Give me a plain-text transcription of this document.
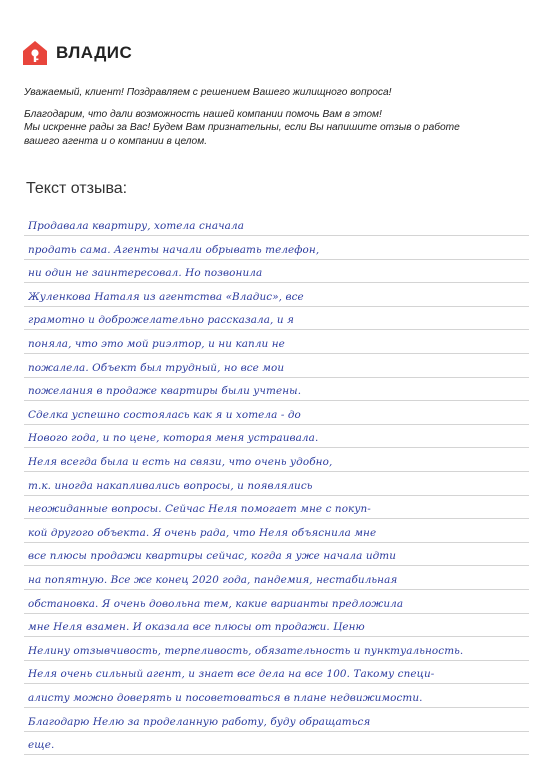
ВЛАДИС

Уважаемый, клиент! Поздравляем с решением Вашего жилищного вопроса!

Благодарим, что дали возможность нашей компании помочь Вам в этом!

Мы искренне рады за Вас! Будем Вам признательны, если Вы напишите отзыв о работе

вашего агента и о компании в целом.

Текст отзыва:
Продавала квартиру, хотела сначала
продать сама. Агенты начали обрывать телефон,
ни один не заинтересовал. Но позвонила
Жуленкова Наталя из агентства «Владис», все
грамотно и доброжелательно рассказала, и я
поняла, что это мой риэлтор, и ни капли не
пожалела. Объект был трудный, но все мои
пожелания в продаже квартиры были учтены.
Сделка успешно состоялась как я и хотела - до
Нового года, и по цене, которая меня устраивала.
Неля всегда была и есть на связи, что очень удобно,
т.к. иногда накапливались вопросы, и появлялись
неожиданные вопросы. Сейчас Неля помогает мне с покуп-
кой другого объекта. Я очень рада, что Неля объяснила мне
все плюсы продажи квартиры сейчас, когда я уже начала идти
на попятную. Все же конец 2020 года, пандемия, нестабильная
обстановка. Я очень довольна тем, какие варианты предложила
мне Неля взамен. И оказала все плюсы от продажи. Ценю
Нелину отзывчивость, терпеливость, обязательность и пунктуальность.
Неля очень сильный агент, и знает все дела на все 100. Такому специ-
алисту можно доверять и посоветоваться в плане недвижимости.
Благодарю Нелю за проделанную работу, буду обращаться
еще.
